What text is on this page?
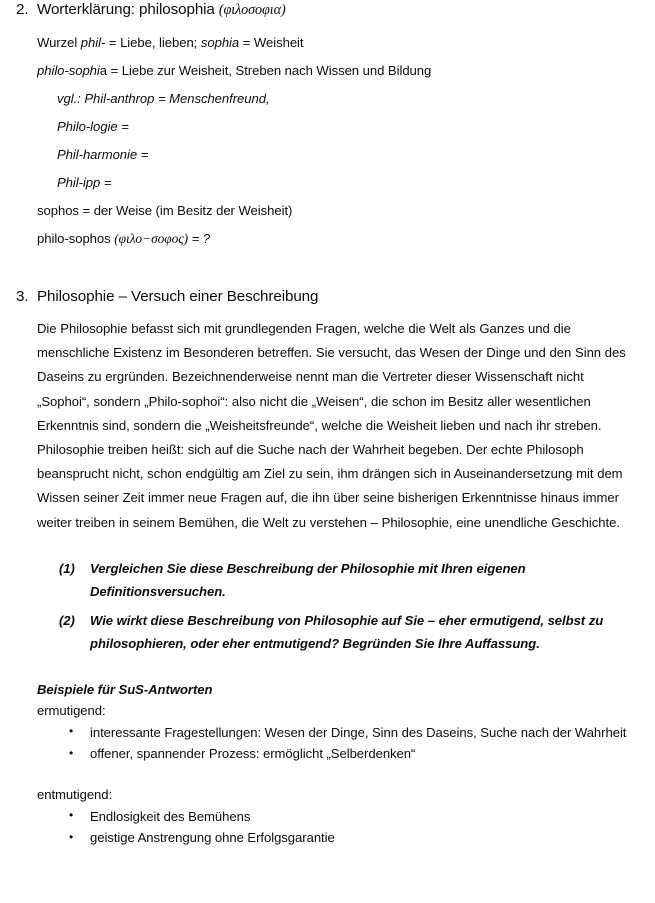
2. Worterklärung: philosophia (φιλοσοφια)
Wurzel phil- = Liebe, lieben; sophia = Weisheit
philo-sophia = Liebe zur Weisheit, Streben nach Wissen und Bildung
vgl.: Phil-anthrop = Menschenfreund,
Philo-logie =
Phil-harmonie =
Phil-ipp =
sophos = der Weise (im Besitz der Weisheit)
philo-sophos (φιλο−σοφος) = ?
3. Philosophie – Versuch einer Beschreibung
Die Philosophie befasst sich mit grundlegenden Fragen, welche die Welt als Ganzes und die menschliche Existenz im Besonderen betreffen. Sie versucht, das Wesen der Dinge und den Sinn des Daseins zu ergründen. Bezeichnenderweise nennt man die Vertreter dieser Wissenschaft nicht „Sophoi“, sondern „Philo-sophoi“: also nicht die „Weisen“, die schon im Besitz aller wesentlichen Erkenntnis sind, sondern die „Weisheitsfreunde“, welche die Weisheit lieben und nach ihr streben. Philosophie treiben heißt: sich auf die Suche nach der Wahrheit begeben. Der echte Philosoph beansprucht nicht, schon endgültig am Ziel zu sein, ihm drängen sich in Auseinandersetzung mit dem Wissen seiner Zeit immer neue Fragen auf, die ihn über seine bisherigen Erkenntnisse hinaus immer weiter treiben in seinem Bemühen, die Welt zu verstehen – Philosophie, eine unendliche Geschichte.
(1) Vergleichen Sie diese Beschreibung der Philosophie mit Ihren eigenen Definitionsversuchen.
(2) Wie wirkt diese Beschreibung von Philosophie auf Sie – eher ermutigend, selbst zu philosophieren, oder eher entmutigend? Begründen Sie Ihre Auffassung.
Beispiele für SuS-Antworten
ermutigend:
• interessante Fragestellungen: Wesen der Dinge, Sinn des Daseins, Suche nach der Wahrheit
• offener, spannender Prozess: ermöglicht „Selberdenken“
entmutigend:
• Endlosigkeit des Bemühens
• geistige Anstrengung ohne Erfolgsgarantie
